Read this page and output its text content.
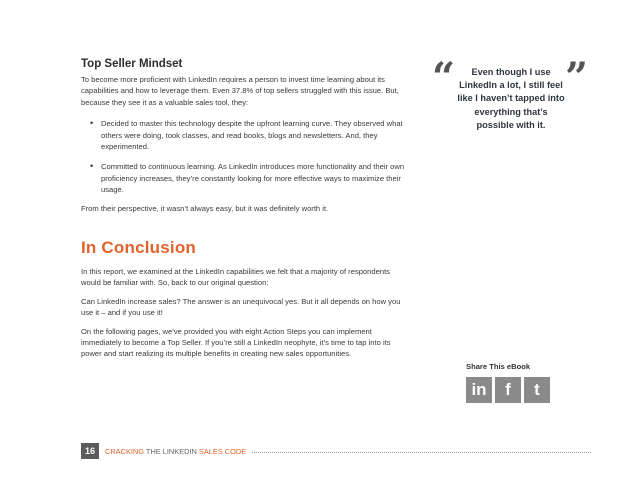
Top Seller Mindset

To become more proficient with LinkedIn requires a person to invest time learning about its capabilities and how to leverage them. Even 37.8% of top sellers struggled with this issue. But, because they see it as a valuable sales tool, they:

• Decided to master this technology despite the upfront learning curve. They observed what others were doing, took classes, and read books, blogs and newsletters. And, they experimented.
• Committed to continuous learning. As LinkedIn introduces more functionality and their own proficiency increases, they’re constantly looking for more effective ways to maximize their usage.

From their perspective, it wasn’t always easy, but it was definitely worth it.

“	Even though I use LinkedIn a lot, I still feel like I haven’t tapped into everything that’s possible with it.
”
In Conclusion

In this report, we examined at the LinkedIn capabilities we felt that a majority of respondents would be familiar with. So, back to our original question:

Can LinkedIn increase sales? The answer is an unequivocal yes. But it all depends on how you use it – and if you use it!

On the following pages, we’ve provided you with eight Action Steps you can implement immediately to become a Top Seller. If you’re still a LinkedIn neophyte, it’s time to tap into its power and start realizing its multiple benefits in creating new sales opportunities.

Share This eBook
in	f	t
16	CRACKING THE LINKEDIN SALES CODE
